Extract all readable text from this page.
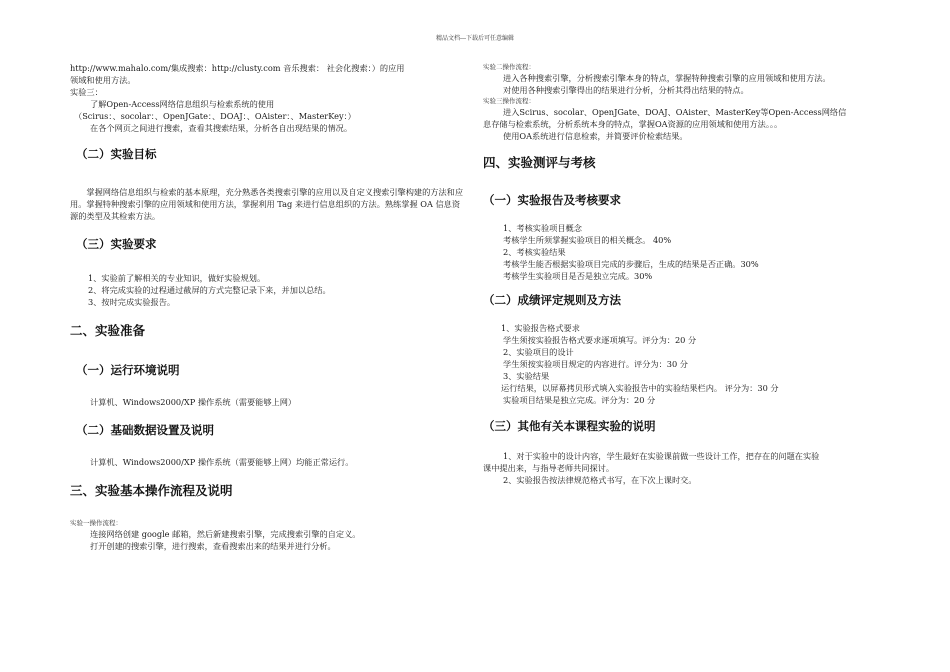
精品文档---下载后可任意编辑
http://www.mahalo.com/集成搜索：http://clusty.com 音乐搜索： 社会化搜索：）的应用
领域和使用方法。
实验三：
了解Open-Access网络信息组织与检索系统的使用
（Scirus：、socolar：、OpenJGate：、DOAJ：、OAister：、MasterKey：）
在各个网页之间进行搜索，查看其搜索结果，分析各自出现结果的情况。
（二）实验目标
掌握网络信息组织与检索的基本原理，充分熟悉各类搜索引擎的应用以及自定义搜索引擎构建的方法和应用。掌握特种搜索引擎的应用领域和使用方法，掌握利用 Tag 来进行信息组织的方法。熟练掌握 OA 信息资源的类型及其检索方法。
（三）实验要求
1、实验前了解相关的专业知识，做好实验规划。
2、将完成实验的过程通过截屏的方式完整记录下来，并加以总结。
3、按时完成实验报告。
二、实验准备
（一）运行环境说明
计算机、Windows2000/XP 操作系统（需要能够上网）
（二）基础数据设置及说明
计算机、Windows2000/XP 操作系统（需要能够上网）均能正常运行。
三、实验基本操作流程及说明
实验一操作流程：
连接网络创建 google 邮箱，然后新建搜索引擎，完成搜索引擎的自定义。
打开创建的搜索引擎，进行搜索，查看搜索出来的结果并进行分析。
实验二操作流程：
进入各种搜索引擎，分析搜索引擎本身的特点，掌握特种搜索引擎的应用领域和使用方法。
对使用各种搜索引擎得出的结果进行分析，分析其得出结果的特点。
实验三操作流程：
进入Scirus、socolar、OpenJGate、DOAJ、OAister、MasterKey等Open-Access网络信
息存储与检索系统，分析系统本身的特点，掌握OA资源的应用领域和使用方法。。。
使用OA系统进行信息检索，并简要评价检索结果。
四、实验测评与考核
（一）实验报告及考核要求
1、考核实验项目概念
考核学生所须掌握实验项目的相关概念。 40%
2、考核实验结果
考核学生能否根据实验项目完成的步骤后，生成的结果是否正确。30%
考核学生实验项目是否是独立完成。30%
（二）成绩评定规则及方法
1、实验报告格式要求
学生须按实验报告格式要求逐项填写。评分为：20 分
2、实验项目的设计
学生须按实验项目规定的内容进行。评分为：30 分
3、实验结果
运行结果，以屏幕拷贝形式填入实验报告中的实验结果栏内。 评分为：30 分
实验项目结果是独立完成。评分为：20 分
（三）其他有关本课程实验的说明
1、对于实验中的设计内容，学生最好在实验课前做一些设计工作，把存在的问题在实验
课中提出来，与指导老师共同探讨。
2、实验报告按法律规范格式书写，在下次上课时交。
